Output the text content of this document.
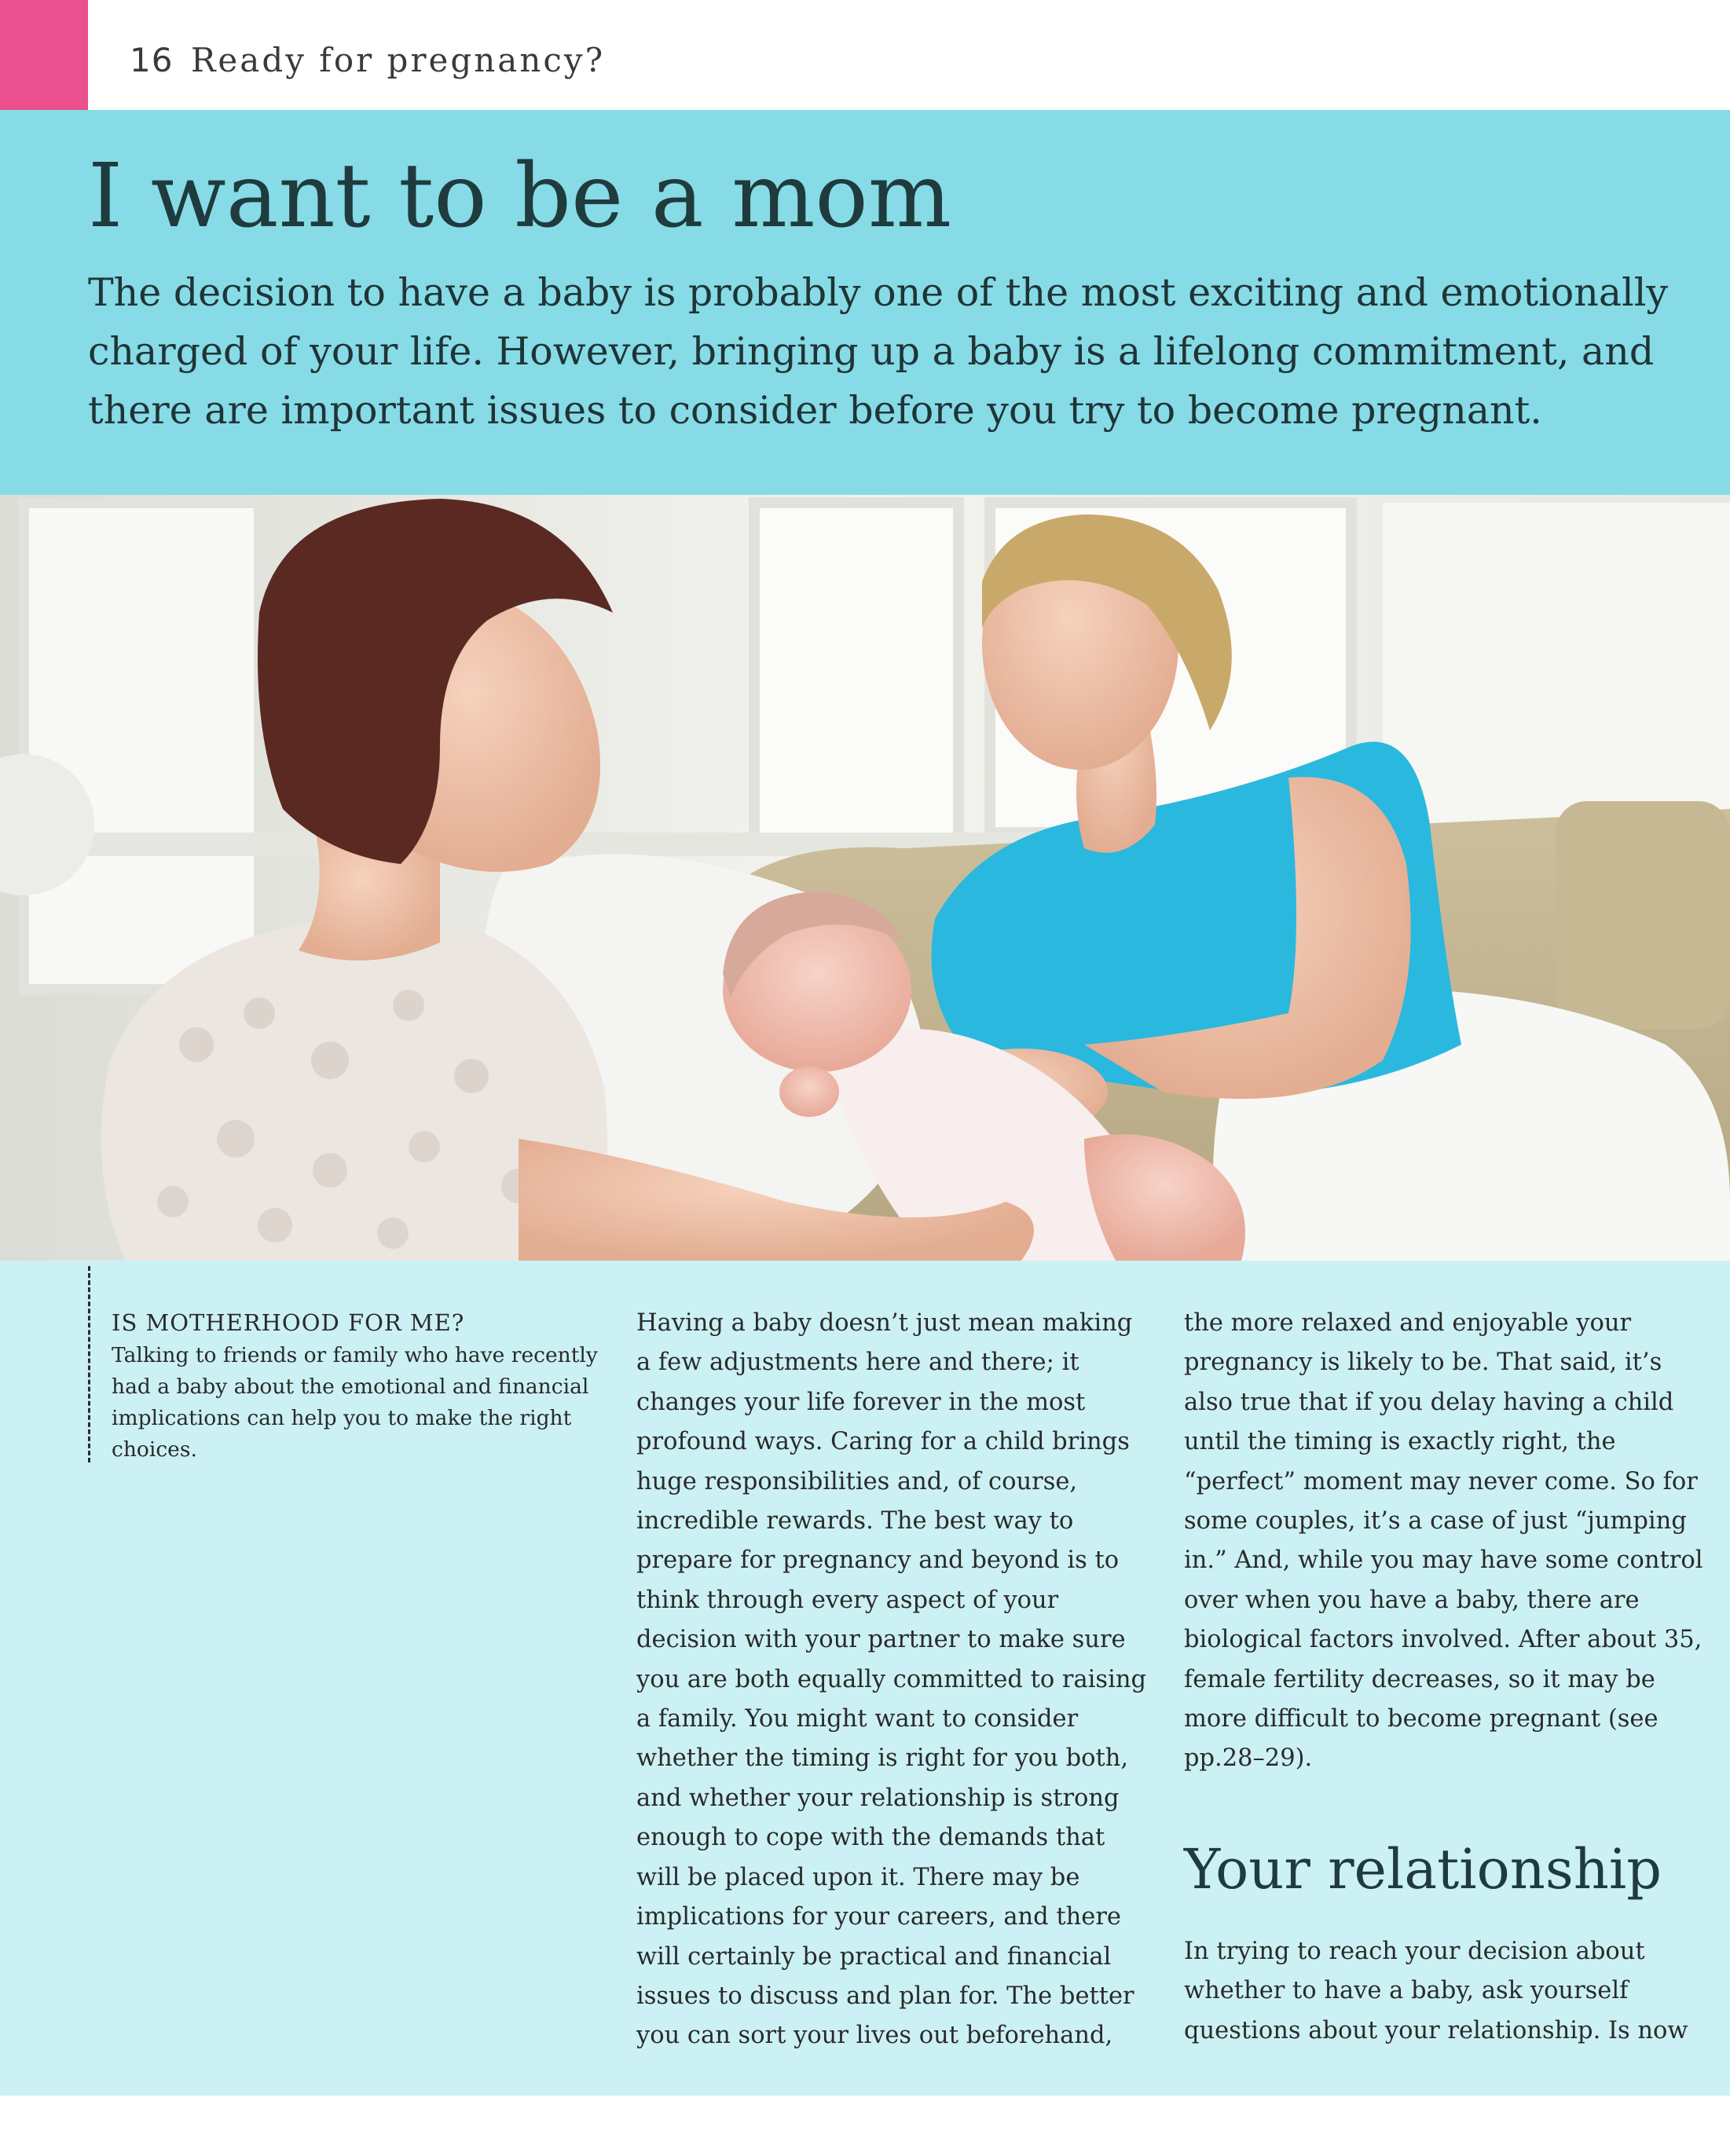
16 Ready for pregnancy?
I want to be a mom

The decision to have a baby is probably one of the most exciting and emotionally charged of your life. However, bringing up a baby is a lifelong commitment, and there are important issues to consider before you try to become pregnant.

IS MOTHERHOOD FOR ME?

Talking to friends or family who have recently had a baby about the emotional and financial implications can help you to make the right choices.

Having a baby doesn’t just mean making a few adjustments here and there; it changes your life forever in the most profound ways. Caring for a child brings huge responsibilities and, of course, incredible rewards. The best way to prepare for pregnancy and beyond is to think through every aspect of your decision with your partner to make sure you are both equally committed to raising a family. You might want to consider whether the timing is right for you both, and whether your relationship is strong enough to cope with the demands that will be placed upon it. There may be implications for your careers, and there will certainly be practical and financial issues to discuss and plan for. The better you can sort your lives out beforehand,

the more relaxed and enjoyable your pregnancy is likely to be. That said, it’s also true that if you delay having a child until the timing is exactly right, the “perfect” moment may never come. So for some couples, it’s a case of just “jumping in.” And, while you may have some control over when you have a baby, there are biological factors involved. After about 35, female fertility decreases, so it may be more difficult to become pregnant (see pp.28–29).

Your relationship

In trying to reach your decision about whether to have a baby, ask yourself questions about your relationship. Is now
